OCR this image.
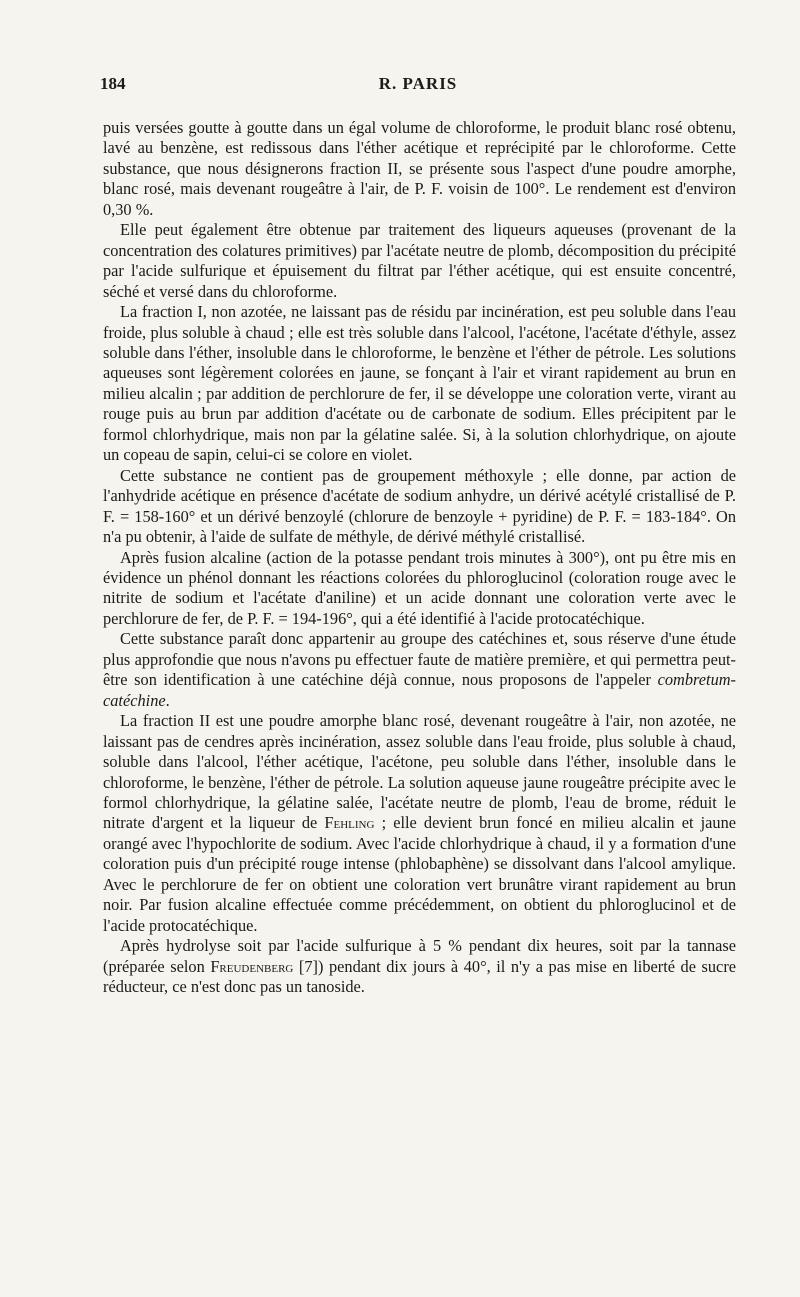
184	R. PARIS

puis versées goutte à goutte dans un égal volume de chloroforme, le produit blanc rosé obtenu, lavé au benzène, est redissous dans l'éther acétique et reprécipité par le chloroforme. Cette substance, que nous désignerons fraction II, se présente sous l'aspect d'une poudre amorphe, blanc rosé, mais devenant rougeâtre à l'air, de P. F. voisin de 100°. Le rendement est d'environ 0,30 %.

Elle peut également être obtenue par traitement des liqueurs aqueuses (provenant de la concentration des colatures primitives) par l'acétate neutre de plomb, décomposition du précipité par l'acide sulfurique et épuisement du filtrat par l'éther acétique, qui est ensuite concentré, séché et versé dans du chloroforme.

La fraction I, non azotée, ne laissant pas de résidu par incinération, est peu soluble dans l'eau froide, plus soluble à chaud ; elle est très soluble dans l'alcool, l'acétone, l'acétate d'éthyle, assez soluble dans l'éther, insoluble dans le chloroforme, le benzène et l'éther de pétrole. Les solutions aqueuses sont légèrement colorées en jaune, se fonçant à l'air et virant rapidement au brun en milieu alcalin ; par addition de perchlorure de fer, il se développe une coloration verte, virant au rouge puis au brun par addition d'acétate ou de carbonate de sodium. Elles précipitent par le formol chlorhydrique, mais non par la gélatine salée. Si, à la solution chlorhydrique, on ajoute un copeau de sapin, celui-ci se colore en violet.

Cette substance ne contient pas de groupement méthoxyle ; elle donne, par action de l'anhydride acétique en présence d'acétate de sodium anhydre, un dérivé acétylé cristallisé de P. F. = 158-160° et un dérivé benzoylé (chlorure de benzoyle + pyridine) de P. F. = 183-184°. On n'a pu obtenir, à l'aide de sulfate de méthyle, de dérivé méthylé cristallisé.

Après fusion alcaline (action de la potasse pendant trois minutes à 300°), ont pu être mis en évidence un phénol donnant les réactions colorées du phloroglucinol (coloration rouge avec le nitrite de sodium et l'acétate d'aniline) et un acide donnant une coloration verte avec le perchlorure de fer, de P. F. = 194-196°, qui a été identifié à l'acide protocatéchique.

Cette substance paraît donc appartenir au groupe des catéchines et, sous réserve d'une étude plus approfondie que nous n'avons pu effectuer faute de matière première, et qui permettra peut-être son identification à une catéchine déjà connue, nous proposons de l'appeler combretum-catéchine.

La fraction II est une poudre amorphe blanc rosé, devenant rougeâtre à l'air, non azotée, ne laissant pas de cendres après incinération, assez soluble dans l'eau froide, plus soluble à chaud, soluble dans l'alcool, l'éther acétique, l'acétone, peu soluble dans l'éther, insoluble dans le chloroforme, le benzène, l'éther de pétrole. La solution aqueuse jaune rougeâtre précipite avec le formol chlorhydrique, la gélatine salée, l'acétate neutre de plomb, l'eau de brome, réduit le nitrate d'argent et la liqueur de Fehling ; elle devient brun foncé en milieu alcalin et jaune orangé avec l'hypochlorite de sodium. Avec l'acide chlorhydrique à chaud, il y a formation d'une coloration puis d'un précipité rouge intense (phlobaphène) se dissolvant dans l'alcool amylique. Avec le perchlorure de fer on obtient une coloration vert brunâtre virant rapidement au brun noir. Par fusion alcaline effectuée comme précédemment, on obtient du phloroglucinol et de l'acide protocatéchique.

Après hydrolyse soit par l'acide sulfurique à 5 % pendant dix heures, soit par la tannase (préparée selon Freudenberg [7]) pendant dix jours à 40°, il n'y a pas mise en liberté de sucre réducteur, ce n'est donc pas un tanoside.
